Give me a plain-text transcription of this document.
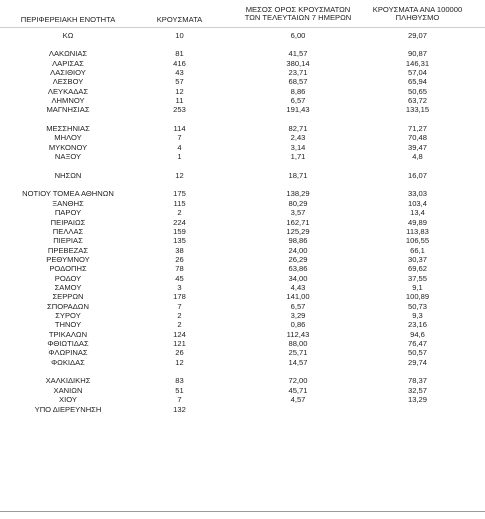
ΠΕΡΙΦΕΡΕΙΑΚΗ ΕΝΟΤΗΤΑ	ΚΡΟΥΣΜΑΤΑ
ΜΕΣΟΣ ΟΡΟΣ ΚΡΟΥΣΜΑΤΩΝ
ΤΩΝ ΤΕΛΕΥΤΑΙΩΝ 7 ΗΜΕΡΩΝ
ΚΡΟΥΣΜΑΤΑ ΑΝΑ 100000
ΠΛΗΘΥΣΜΟ
ΚΩ	10	6,00	29,07
ΛΑΚΩΝΙΑΣ	81	41,57	90,87
ΛΑΡΙΣΑΣ	416	380,14	146,31
ΛΑΣΙΘΙΟΥ	43	23,71	57,04
ΛΕΣΒΟΥ	57	68,57	65,94
ΛΕΥΚΑΔΑΣ	12	8,86	50,65
ΛΗΜΝΟΥ	11	6,57	63,72
ΜΑΓΝΗΣΙΑΣ	253	191,43	133,15
ΜΕΣΣΗΝΙΑΣ	114	82,71	71,27
ΜΗΛΟΥ	7	2,43	70,48
ΜΥΚΟΝΟΥ	4	3,14	39,47
ΝΑΞΟΥ	1	1,71	4,8
ΝΗΣΩΝ	12	18,71	16,07
ΝΟΤΙΟΥ ΤΟΜΕΑ ΑΘΗΝΩΝ	175	138,29	33,03
ΞΑΝΘΗΣ	115	80,29	103,4
ΠΑΡΟΥ	2	3,57	13,4
ΠΕΙΡΑΙΩΣ	224	162,71	49,89
ΠΕΛΛΑΣ	159	125,29	113,83
ΠΙΕΡΙΑΣ	135	98,86	106,55
ΠΡΕΒΕΖΑΣ	38	24,00	66,1
ΡΕΘΥΜΝΟΥ	26	26,29	30,37
ΡΟΔΟΠΗΣ	78	63,86	69,62
ΡΟΔΟΥ	45	34,00	37,55
ΣΑΜΟΥ	3	4,43	9,1
ΣΕΡΡΩΝ	178	141,00	100,89
ΣΠΟΡΑΔΩΝ	7	6,57	50,73
ΣΥΡΟΥ	2	3,29	9,3
ΤΗΝΟΥ	2	0,86	23,16
ΤΡΙΚΑΛΩΝ	124	112,43	94,6
ΦΘΙΩΤΙΔΑΣ	121	88,00	76,47
ΦΛΩΡΙΝΑΣ	26	25,71	50,57
ΦΩΚΙΔΑΣ	12	14,57	29,74
ΧΑΛΚΙΔΙΚΗΣ	83	72,00	78,37
ΧΑΝΙΩΝ	51	45,71	32,57
ΧΙΟΥ	7	4,57	13,29
ΥΠΟ ΔΙΕΡΕΥΝΗΣΗ	132
